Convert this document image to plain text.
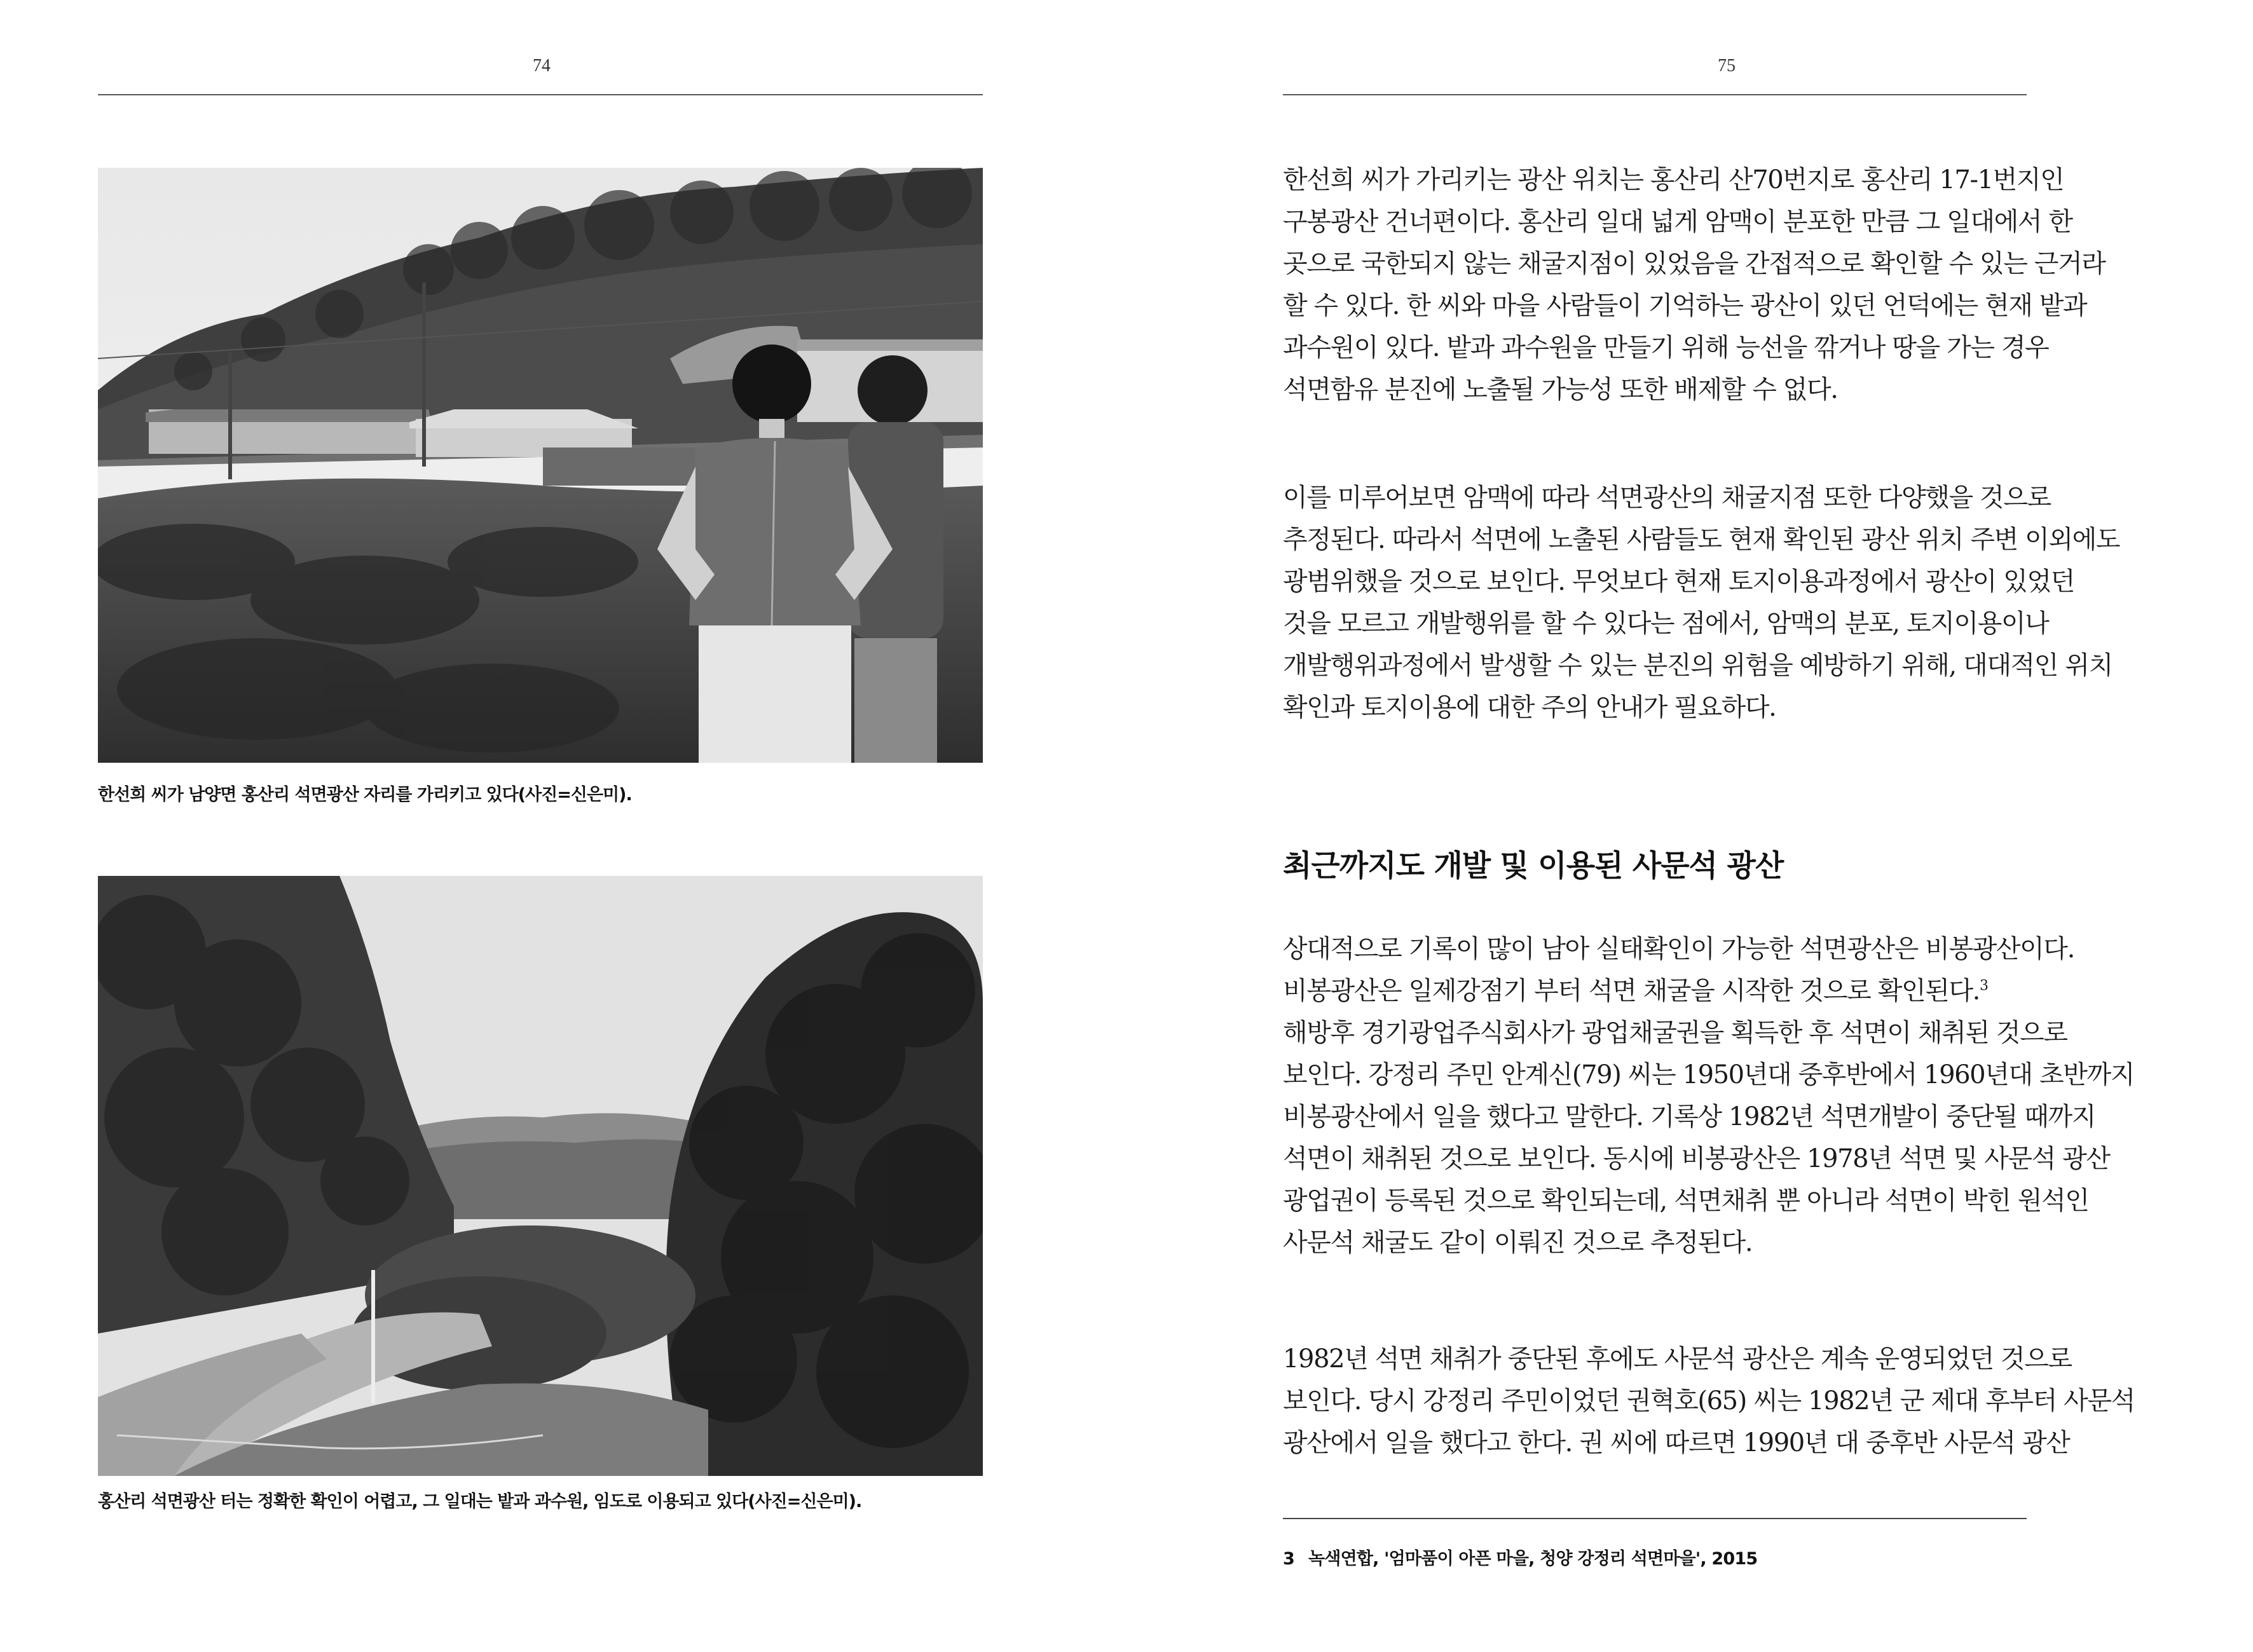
74
한선희 씨가 남양면 홍산리 석면광산 자리를 가리키고 있다(사진=신은미).
홍산리 석면광산 터는 정확한 확인이 어렵고, 그 일대는 밭과 과수원, 임도로 이용되고 있다(사진=신은미).
75
한선희 씨가 가리키는 광산 위치는 홍산리 산70번지로 홍산리 17-1번지인
구봉광산 건너편이다. 홍산리 일대 넓게 암맥이 분포한 만큼 그 일대에서 한
곳으로 국한되지 않는 채굴지점이 있었음을 간접적으로 확인할 수 있는 근거라
할 수 있다. 한 씨와 마을 사람들이 기억하는 광산이 있던 언덕에는 현재 밭과
과수원이 있다. 밭과 과수원을 만들기 위해 능선을 깎거나 땅을 가는 경우
석면함유 분진에 노출될 가능성 또한 배제할 수 없다.
이를 미루어보면 암맥에 따라 석면광산의 채굴지점 또한 다양했을 것으로
추정된다. 따라서 석면에 노출된 사람들도 현재 확인된 광산 위치 주변 이외에도
광범위했을 것으로 보인다. 무엇보다 현재 토지이용과정에서 광산이 있었던
것을 모르고 개발행위를 할 수 있다는 점에서, 암맥의 분포, 토지이용이나
개발행위과정에서 발생할 수 있는 분진의 위험을 예방하기 위해, 대대적인 위치
확인과 토지이용에 대한 주의 안내가 필요하다.
최근까지도 개발 및 이용된 사문석 광산
상대적으로 기록이 많이 남아 실태확인이 가능한 석면광산은 비봉광산이다.
비봉광산은 일제강점기 부터 석면 채굴을 시작한 것으로 확인된다.$^3$
해방후 경기광업주식회사가 광업채굴권을 획득한 후 석면이 채취된 것으로
보인다. 강정리 주민 안계신(79) 씨는 1950년대 중후반에서 1960년대 초반까지
비봉광산에서 일을 했다고 말한다. 기록상 1982년 석면개발이 중단될 때까지
석면이 채취된 것으로 보인다. 동시에 비봉광산은 1978년 석면 및 사문석 광산
광업권이 등록된 것으로 확인되는데, 석면채취 뿐 아니라 석면이 박힌 원석인
사문석 채굴도 같이 이뤄진 것으로 추정된다.
1982년 석면 채취가 중단된 후에도 사문석 광산은 계속 운영되었던 것으로
보인다. 당시 강정리 주민이었던 권혁호(65) 씨는 1982년 군 제대 후부터 사문석
광산에서 일을 했다고 한다. 권 씨에 따르면 1990년 대 중후반 사문석 광산
3 녹색연합, '엄마품이 아픈 마을, 청양 강정리 석면마을', 2015
